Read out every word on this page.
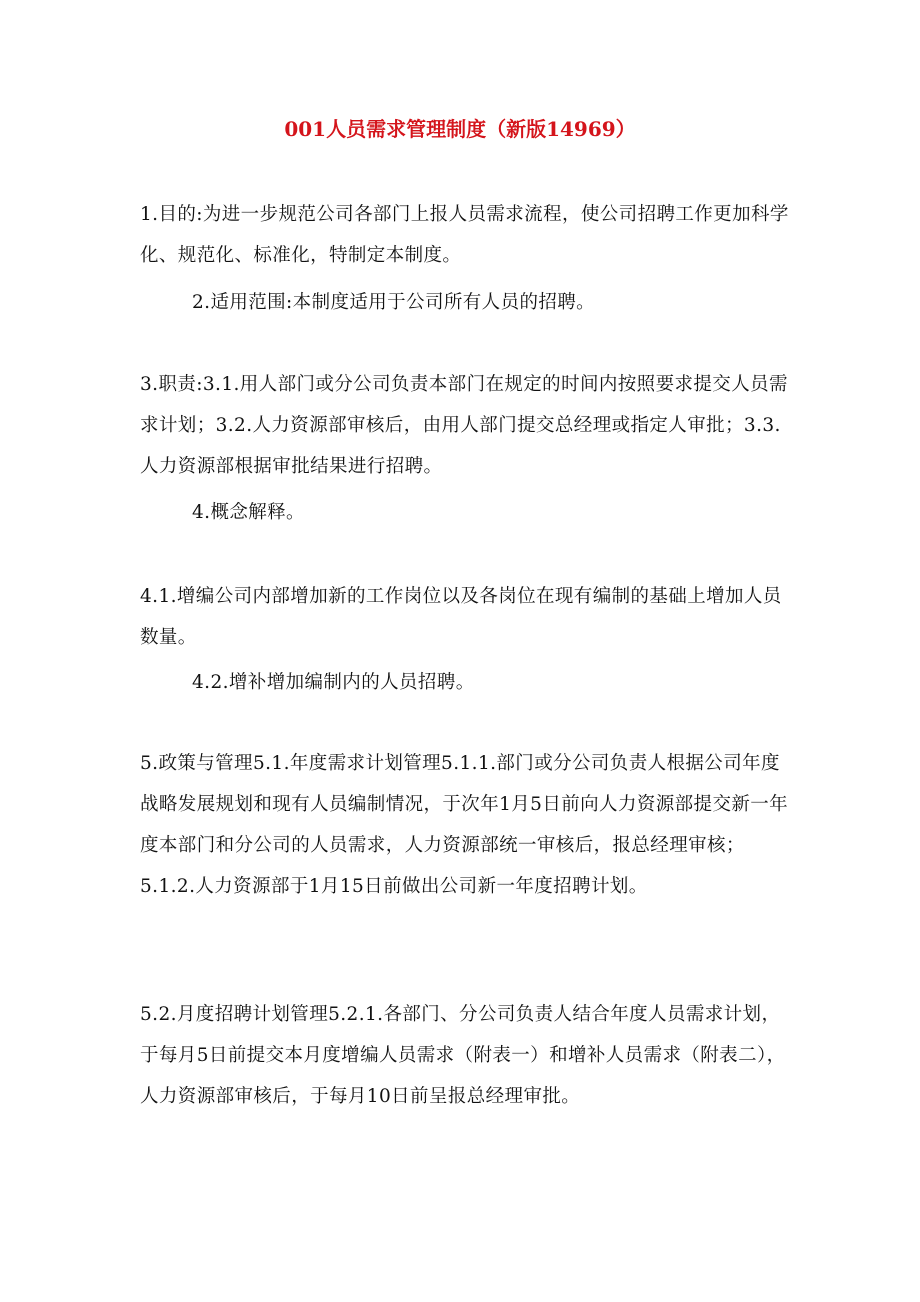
001人员需求管理制度（新版14969）

1.目的:为进一步规范公司各部门上报人员需求流程，使公司招聘工作更加科学化、规范化、标准化，特制定本制度。

2.适用范围:本制度适用于公司所有人员的招聘。

3.职责:3.1.用人部门或分公司负责本部门在规定的时间内按照要求提交人员需求计划；3.2.人力资源部审核后，由用人部门提交总经理或指定人审批；3.3.人力资源部根据审批结果进行招聘。

4.概念解释。

4.1.增编公司内部增加新的工作岗位以及各岗位在现有编制的基础上增加人员数量。

4.2.增补增加编制内的人员招聘。

5.政策与管理5.1.年度需求计划管理5.1.1.部门或分公司负责人根据公司年度战略发展规划和现有人员编制情况，于次年1月5日前向人力资源部提交新一年度本部门和分公司的人员需求，人力资源部统一审核后，报总经理审核；5.1.2.人力资源部于1月15日前做出公司新一年度招聘计划。

5.2.月度招聘计划管理5.2.1.各部门、分公司负责人结合年度人员需求计划，于每月5日前提交本月度增编人员需求（附表一）和增补人员需求（附表二），人力资源部审核后，于每月10日前呈报总经理审批。
